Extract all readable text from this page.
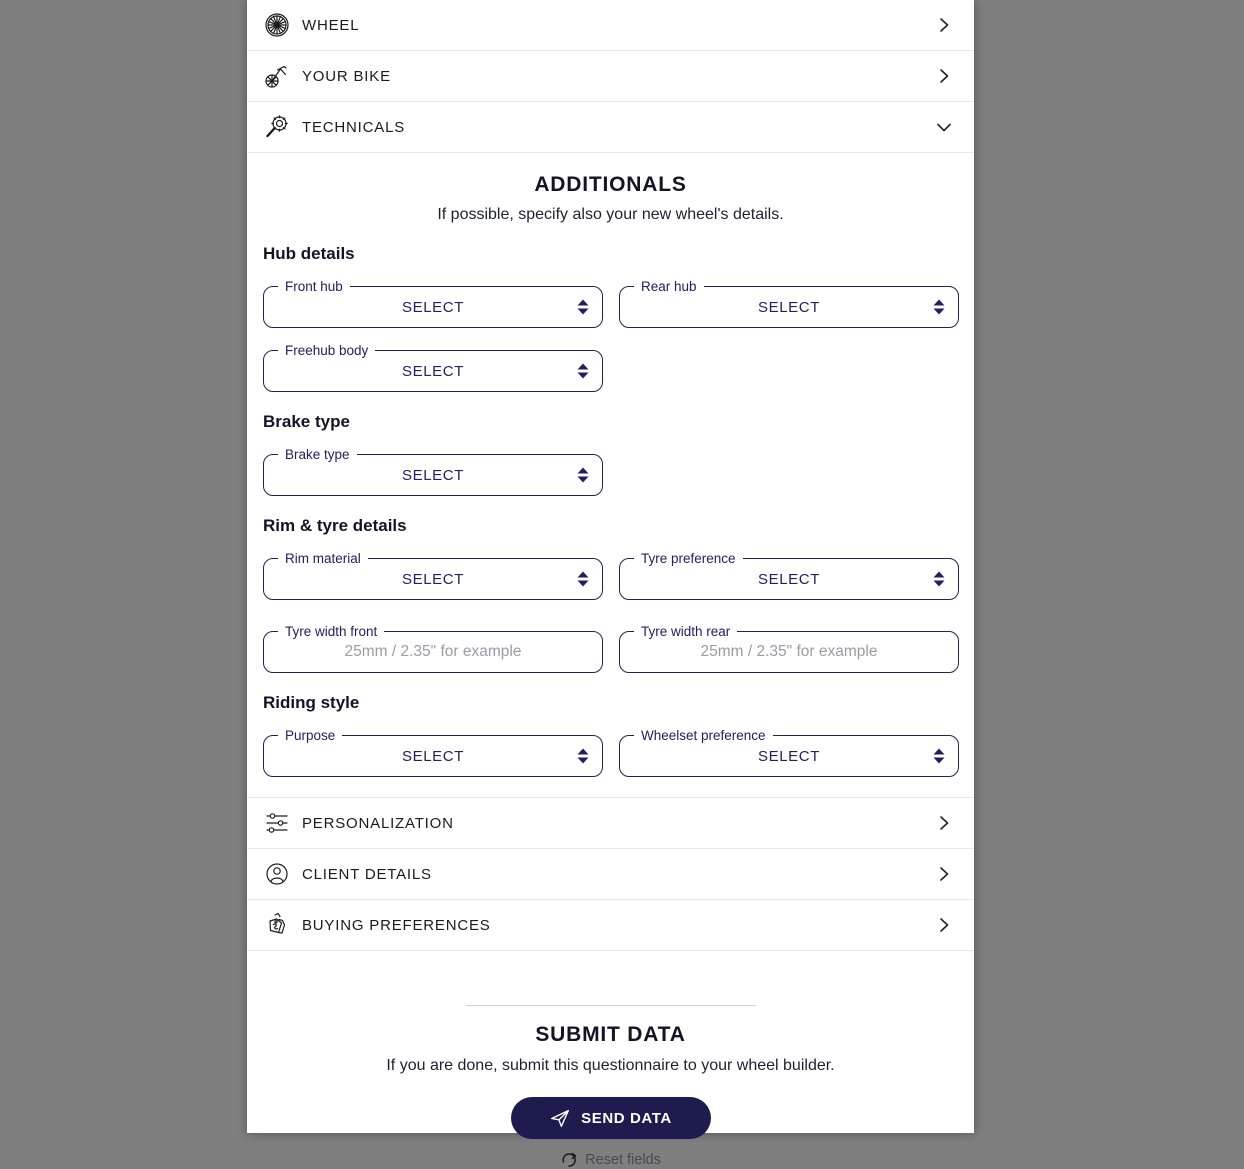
WHEEL
YOUR BIKE
TECHNICALS
ADDITIONALS
If possible, specify also your new wheel's details.
Hub details
Front hub
SELECT
Rear hub
SELECT
Freehub body
SELECT
Brake type
Brake type
SELECT
Rim & tyre details
Rim material
SELECT
Tyre preference
SELECT
Tyre width front
25mm / 2.35" for example	Tyre width rear
25mm / 2.35" for example
Riding style
Purpose
SELECT
Wheelset preference
SELECT
PERSONALIZATION
CLIENT DETAILS
BUYING PREFERENCES
SUBMIT DATA
If you are done, submit this questionnaire to your wheel builder.
SEND DATA
Reset fields
